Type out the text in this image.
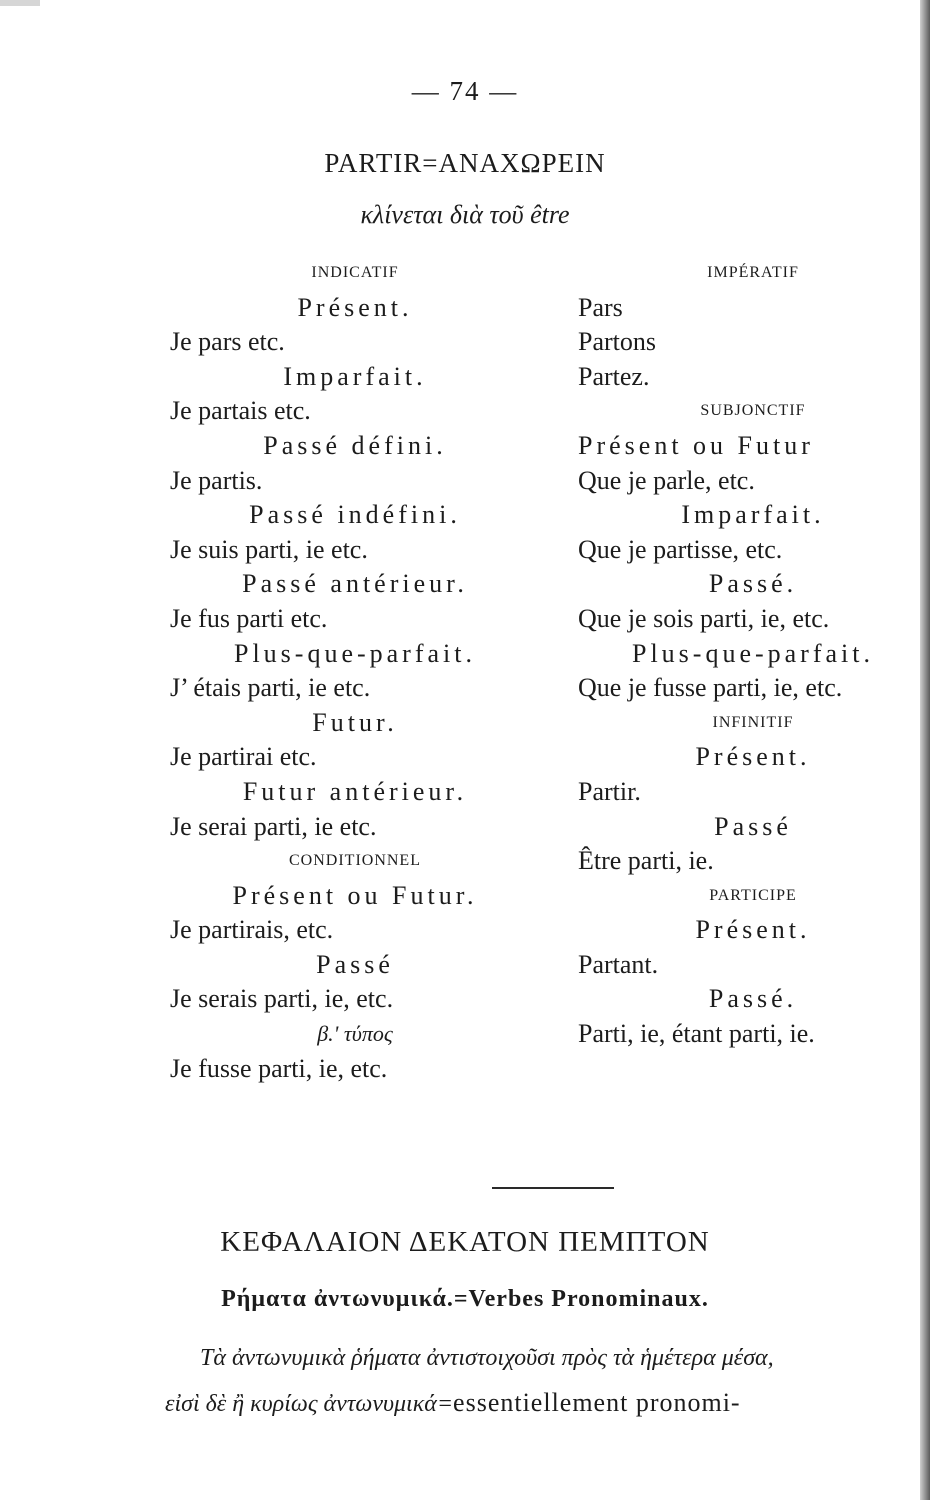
— 74 —
PARTIR=ANAXΩΡΕΙΝ
κλίνεται διὰ τοῦ être
INDICATIF
Présent.
Je pars etc.
Imparfait.
Je partais etc.
Passé défini.
Je partis.
Passé indéfini.
Je suis parti, ie etc.
Passé antérieur.
Je fus parti etc.
Plus-que-parfait.
J’ étais parti, ie etc.
Futur.
Je partirai etc.
Futur antérieur.
Je serai parti, ie etc.
CONDITIONNEL
Présent ou Futur.
Je partirais, etc.
Passé
Je serais parti, ie, etc.
β.' τύπος
Je fusse parti, ie, etc.
IMPÉRATIF
Pars
Partons
Partez.
SUBJONCTIF
Présent ou Futur
Que je parle, etc.
Imparfait.
Que je partisse, etc.
Passé.
Que je sois parti, ie, etc.
Plus-que-parfait.
Que je fusse parti, ie, etc.
INFINITIF
Présent.
Partir.
Passé
Être parti, ie.
PARTICIPE
Présent.
Partant.
Passé.
Parti, ie, étant parti, ie.
ΚΕΦΑΛΑΙΟΝ ΔΕΚΑΤΟΝ ΠΕΜΠΤΟΝ
Ρήματα ἀντωνυμικά.=Verbes Pronominaux.
Τὰ ἀντωνυμικὰ ῥήματα ἀντιστοιχοῦσι πρὸς τὰ ἡμέτερα μέσα,
εἰσὶ δὲ ἢ κυρίως ἀντωνυμικά=essentiellement pronomi-
